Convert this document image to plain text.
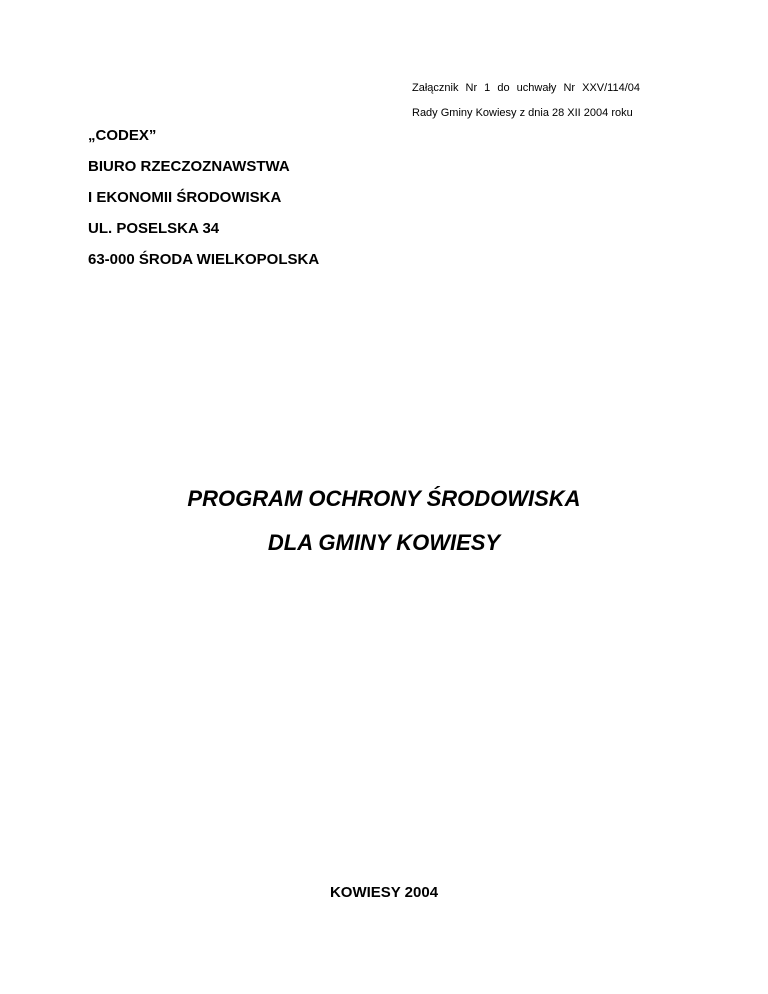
Załącznik Nr 1 do uchwały Nr XXV/114/04
Rady Gminy Kowiesy z dnia 28 XII 2004 roku
„CODEX”
BIURO RZECZOZNAWSTWA
I EKONOMII ŚRODOWISKA
UL. POSELSKA 34
63-000 ŚRODA WIELKOPOLSKA
PROGRAM OCHRONY ŚRODOWISKA
DLA GMINY KOWIESY
KOWIESY 2004
